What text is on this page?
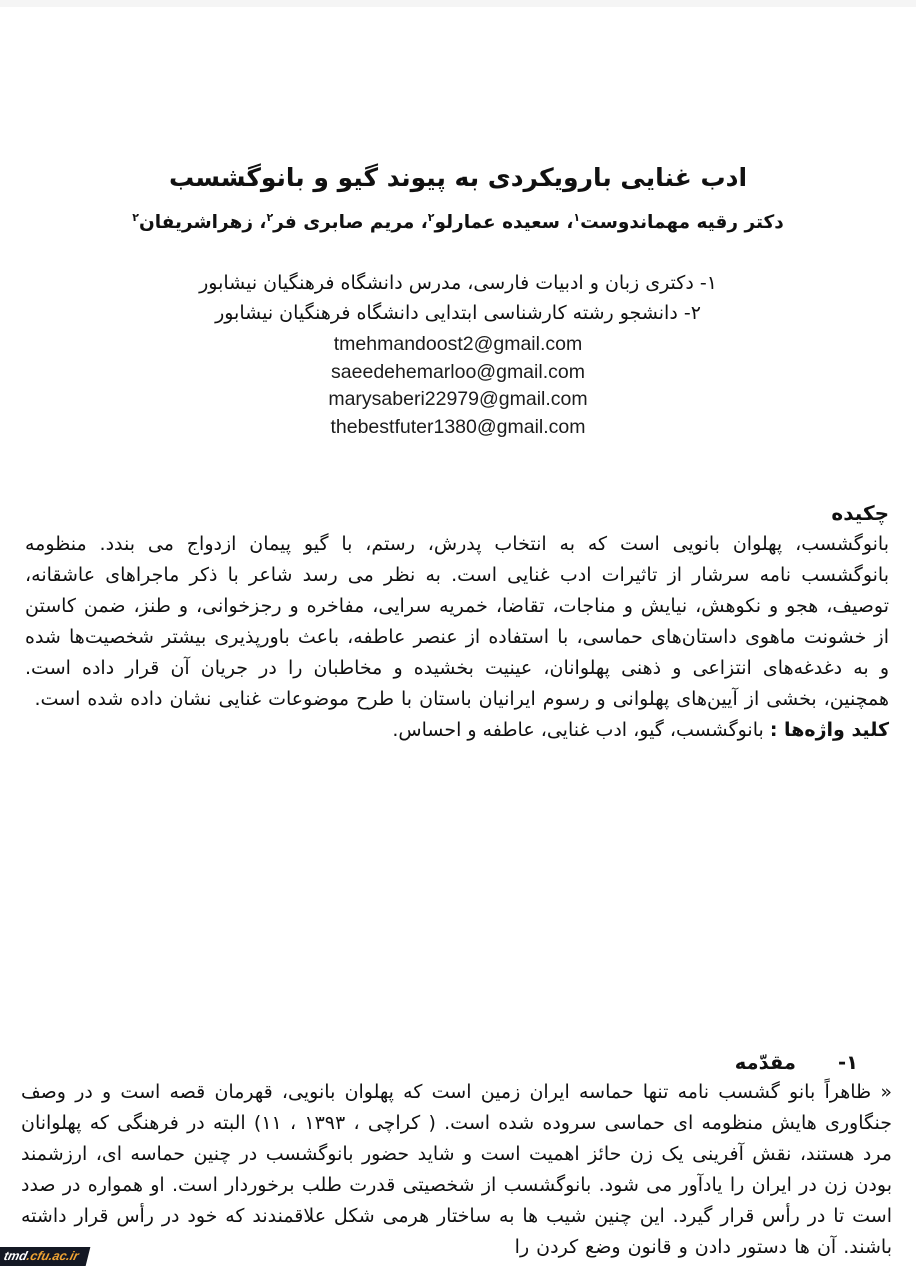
ادب غنایی بارویکردی به پیوند گیو و بانوگشسب
دکتر رقیه مهماندوست$^۱$، سعیده عمارلو$^۲$، مریم صابری فر$^۲$، زهراشریفان$^۲$
۱- دکتری زبان و ادبیات فارسی، مدرس دانشگاه فرهنگیان نیشابور
۲- دانشجو رشته کارشناسی ابتدایی دانشگاه فرهنگیان نیشابور
tmehmandoost2@gmail.com
saeedehemarloo@gmail.com
marysaberi22979@gmail.com
thebestfuter1380@gmail.com
چکیده

بانوگشسب، پهلوان بانویی است که به انتخاب پدرش، رستم، با گیو پیمان ازدواج می بندد. منظومه بانوگشسب نامه سرشار از تاثیرات ادب غنایی است. به نظر می رسد شاعر با ذکر ماجراهای عاشقانه، توصیف، هجو و نکوهش، نیایش و مناجات، تقاضا، خمریه سرایی، مفاخره و رجزخوانی، و طنز، ضمن کاستن از خشونت ماهوی داستان‌های حماسی، با استفاده از عنصر عاطفه، باعث باورپذیری بیشتر شخصیت‌ها شده و به دغدغه‌های انتزاعی و ذهنی پهلوانان، عینیت بخشیده و مخاطبان را در جریان آن قرار داده است. همچنین، بخشی از آیین‌های پهلوانی و رسوم ایرانیان باستان با طرح موضوعات غنایی نشان داده شده است.

کلید واژه‌ها : بانوگشسب، گیو، ادب غنایی، عاطفه و احساس.

۱-مقدّمه

« ظاهراً بانو گشسب نامه تنها حماسه ایران زمین است که پهلوان بانویی، قهرمان قصه است و در وصف جنگاوری هایش منظومه ای حماسی سروده شده است. ( کراچی ، ۱۳۹۳ ، ۱۱) البته در فرهنگی که پهلوانان مرد هستند، نقش آفرینی یک زن حائز اهمیت است و شاید حضور بانوگشسب در چنین حماسه ای، ارزشمند بودن زن در ایران را یادآور می شود. بانوگشسب از شخصیتی قدرت طلب برخوردار است. او همواره در صدد است تا در رأس قرار گیرد. این چنین شیب ها به ساختار هرمی شکل علاقمندند که خود در رأس قرار داشته باشند. آن ها دستور دادن و قانون وضع کردن را

tmd.cfu.ac.ir
